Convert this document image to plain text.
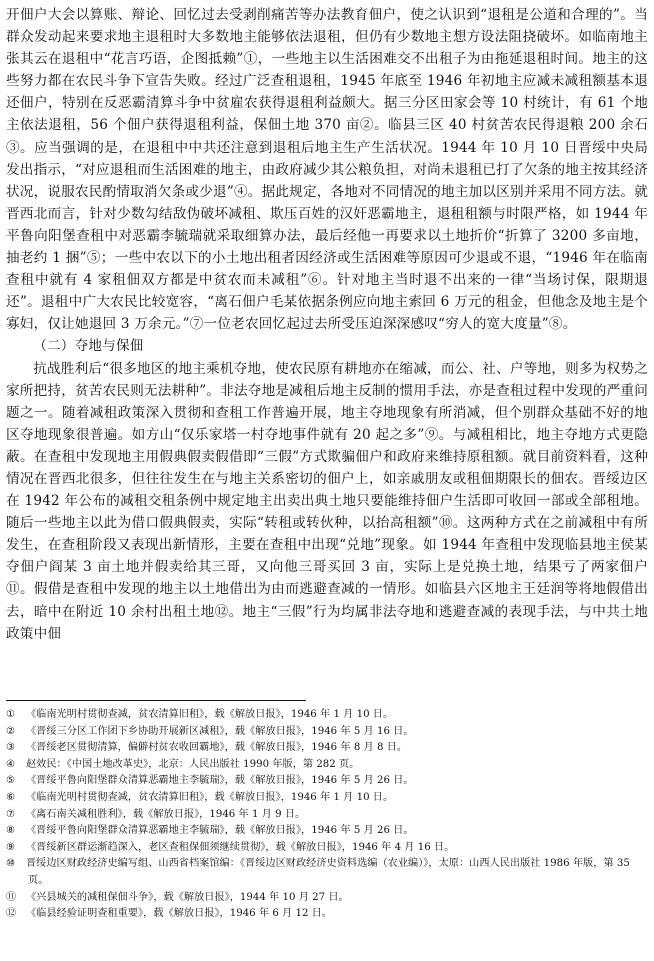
开佃户大会以算账、辩论、回忆过去受剥削痛苦等办法教育佃户，使之认识到“退租是公道和合理的”。当群众发动起来要求地主退租时大多数地主能够依法退租，但仍有少数地主想方设法阻挠破坏。如临南地主张其云在退租中“花言巧语，企图抵赖”①，一些地主以生活困难交不出租子为由拖延退租时间。地主的这些努力都在农民斗争下宣告失败。经过广泛查租退租，1945 年底至 1946 年初地主应减未减租额基本退还佃户，特别在反恶霸清算斗争中贫雇农获得退租利益颇大。据三分区田家会等 10 村统计，有 61 个地主依法退租，56 个佃户获得退租利益，保佃土地 370 亩②。临县三区 40 村贫苦农民得退粮 200 余石③。应当强调的是，在退租中中共还注意到退租后地主生产生活状况。1944 年 10 月 10 日晋绥中央局发出指示，“对应退租而生活困难的地主，由政府减少其公粮负担，对尚未退租已打了欠条的地主按其经济状况，说服农民酌情取消欠条或少退”④。据此规定，各地对不同情况的地主加以区别并采用不同方法。就晋西北而言，针对少数勾结敌伪破坏减租、欺压百姓的汉奸恶霸地主，退租租额与时限严格，如 1944 年平鲁向阳堡查租中对恶霸李毓瑞就采取细算办法，最后经他一再要求以土地折价“折算了 3200 多亩地，抽老约 1 捆”⑤；一些中农以下的小土地出租者因经济或生活困难等原因可少退或不退，“1946 年在临南查租中就有 4 家租佃双方都是中贫农而未减租”⑥。针对地主当时退不出来的一律“当场讨保，限期退还”。退租中广大农民比较宽容，“离石佃户毛某依据条例应向地主索回 6 万元的租金，但他念及地主是个寡妇，仅让她退回 3 万余元。”⑦一位老农回忆起过去所受压迫深深感叹“穷人的宽大度量”⑧。

（二）夺地与保佃

抗战胜利后“很多地区的地主乘机夺地，使农民原有耕地亦在缩减，而公、社、户等地，则多为权势之家所把持，贫苦农民则无法耕种”。非法夺地是减租后地主反制的惯用手法，亦是查租过程中发现的严重问题之一。随着减租政策深入贯彻和查租工作普遍开展，地主夺地现象有所消减，但个别群众基础不好的地区夺地现象很普遍。如方山“仅乐家塔一村夺地事件就有 20 起之多”⑨。与减租相比，地主夺地方式更隐蔽。在查租中发现地主用假典假卖假借即“三假”方式欺骗佃户和政府来维持原租额。就目前资料看，这种情况在晋西北很多，但往往发生在与地主关系密切的佃户上，如亲戚朋友或租佃期限长的佃农。晋绥边区在 1942 年公布的减租交租条例中规定地主出卖出典土地只要能维持佃户生活即可收回一部或全部租地。随后一些地主以此为借口假典假卖，实际“转租或转伙种，以抬高租额”⑩。这两种方式在之前减租中有所发生，在查租阶段又表现出新情形，主要在查租中出现“兑地”现象。如 1944 年查租中发现临县地主侯某夺佃户阎某 3 亩土地并假卖给其三哥，又向他三哥买回 3 亩，实际上是兑换土地，结果亏了两家佃户⑪。假借是查租中发现的地主以土地借出为由而逃避查减的一情形。如临县六区地主王廷润等将地假借出去，暗中在附近 10 余村出租土地⑫。地主“三假”行为均属非法夺地和逃避查减的表现手法，与中共土地政策中佃

① 《临南光明村贯彻查减，贫农清算旧租》，载《解放日报》，1946 年 1 月 10 日。

② 《晋绥三分区工作团下乡协助开展新区减租》，载《解放日报》，1946 年 5 月 16 日。

③ 《晋绥老区贯彻清算，偏僻村贫农收回霸地》，载《解放日报》，1946 年 8 月 8 日。

④ 赵效民：《中国土地改革史》，北京：人民出版社 1990 年版，第 282 页。

⑤ 《晋绥平鲁向阳堡群众清算恶霸地主李毓瑞》，载《解放日报》，1946 年 5 月 26 日。

⑥ 《临南光明村贯彻查减，贫农清算旧租》，载《解放日报》，1946 年 1 月 10 日。

⑦ 《离石南关减租胜利》，载《解放日报》，1946 年 1 月 9 日。

⑧ 《晋绥平鲁向阳堡群众清算恶霸地主李毓瑞》，载《解放日报》，1946 年 5 月 26 日。

⑨ 《晋绥新区群运渐趋深入，老区查租保佃须继续贯彻》，载《解放日报》，1946 年 4 月 16 日。

⑩ 晋绥边区财政经济史编写组、山西省档案馆编：《晋绥边区财政经济史资料选编（农业编）》，太原：山西人民出版社 1986 年版，第 35 页。

⑪ 《兴县城关的减租保佃斗争》，载《解放日报》，1944 年 10 月 27 日。

⑫ 《临县经验证明查租重要》，载《解放日报》，1946 年 6 月 12 日。
